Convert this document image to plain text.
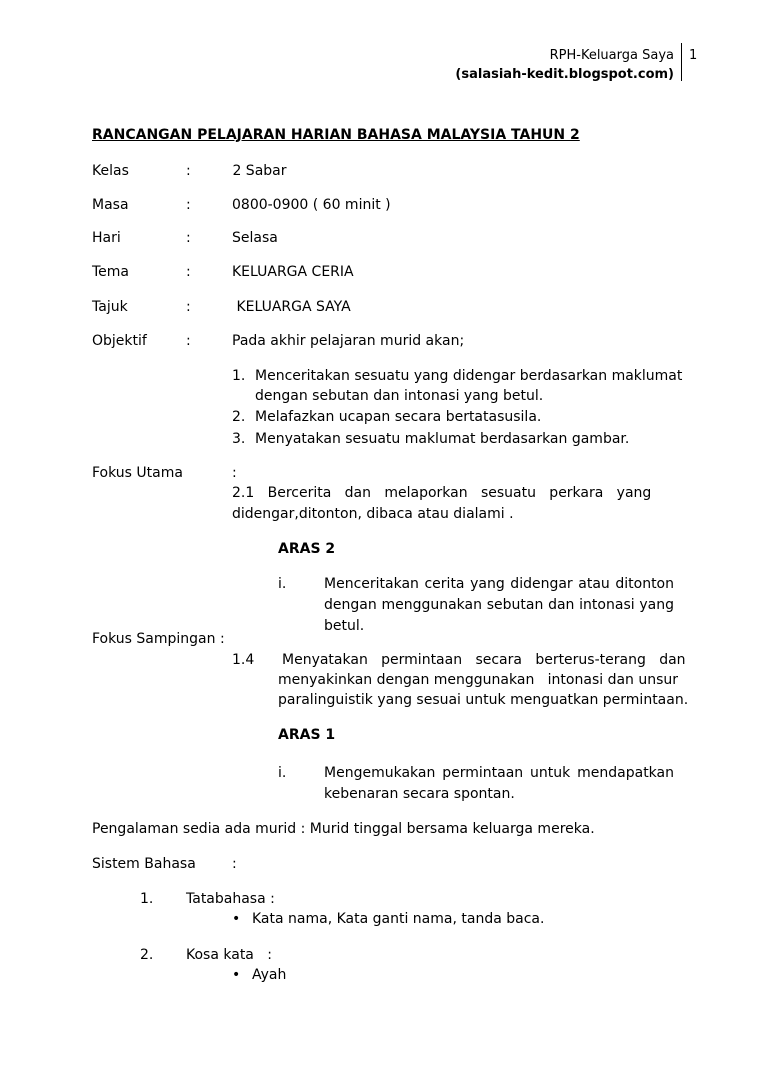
RPH-Keluarga Saya
(salasiah-kedit.blogspot.com)
1
RANCANGAN PELAJARAN HARIAN BAHASA MALAYSIA TAHUN 2
Kelas	:	2 Sabar
Masa	:	0800-0900 ( 60 minit )
Hari	:	Selasa
Tema	:	KELUARGA CERIA
Tajuk	:	KELUARGA SAYA
Objektif	:	Pada akhir pelajaran murid akan;
1. Menceritakan sesuatu yang didengar berdasarkan maklumat
dengan sebutan dan intonasi yang betul.
2. Melafazkan ucapan secara bertatasusila.
3. Menyatakan sesuatu maklumat berdasarkan gambar.
Fokus Utama	:
2.1   Bercerita   dan   melaporkan   sesuatu   perkara   yang
didengar,ditonton, dibaca atau dialami .
ARAS 2
i.	Menceritakan cerita yang didengar atau ditonton dengan menggunakan sebutan dan intonasi yang betul.
Fokus Sampingan :
1.4 Menyatakan   permintaan   secara   berterus-terang   dan
menyakinkan dengan menggunakan   intonasi dan unsur
paralinguistik yang sesuai untuk menguatkan permintaan.
ARAS 1
i.	Mengemukakan permintaan untuk mendapatkan kebenaran secara spontan.
Pengalaman sedia ada murid : Murid tinggal bersama keluarga mereka.
Sistem Bahasa	:
1. Tatabahasa :
• Kata nama, Kata ganti nama, tanda baca.
2. Kosa kata   :
• Ayah
